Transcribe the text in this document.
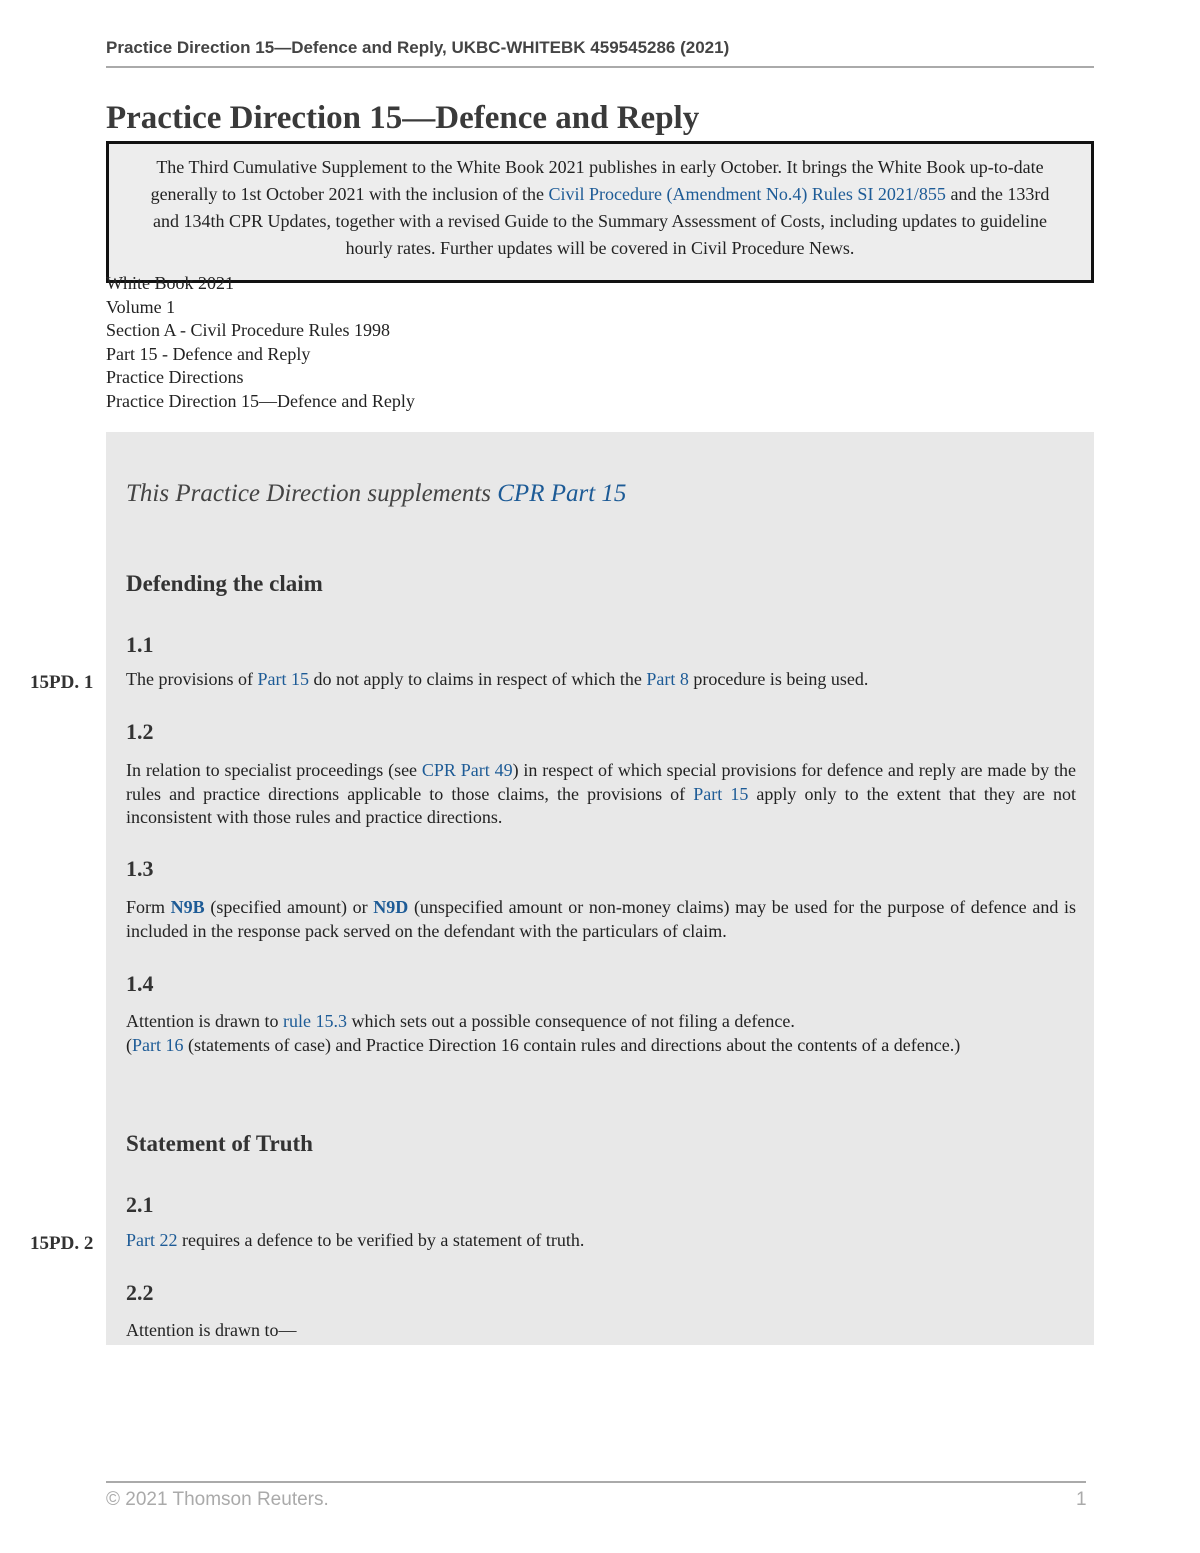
Practice Direction 15—Defence and Reply, UKBC-WHITEBK 459545286 (2021)
Practice Direction 15—Defence and Reply

The Third Cumulative Supplement to the White Book 2021 publishes in early October. It brings the White Book up-to-date generally to 1st October 2021 with the inclusion of the Civil Procedure (Amendment No.4) Rules SI 2021/855 and the 133rd and 134th CPR Updates, together with a revised Guide to the Summary Assessment of Costs, including updates to guideline hourly rates. Further updates will be covered in Civil Procedure News.

White Book 2021
Volume 1
Section A - Civil Procedure Rules 1998
Part 15 - Defence and Reply
Practice Directions
Practice Direction 15—Defence and Reply

This Practice Direction supplements CPR Part 15

Defending the claim
1.1
15PD. 1	The provisions of Part 15 do not apply to claims in respect of which the Part 8 procedure is being used.

1.2

In relation to specialist proceedings (see CPR Part 49) in respect of which special provisions for defence and reply are made by the rules and practice directions applicable to those claims, the provisions of Part 15 apply only to the extent that they are not inconsistent with those rules and practice directions.

1.3

Form N9B (specified amount) or N9D (unspecified amount or non-money claims) may be used for the purpose of defence and is included in the response pack served on the defendant with the particulars of claim.

1.4

Attention is drawn to rule 15.3 which sets out a possible consequence of not filing a defence.
(Part 16 (statements of case) and Practice Direction 16 contain rules and directions about the contents of a defence.)

Statement of Truth
2.1
15PD. 2	Part 22 requires a defence to be verified by a statement of truth.

2.2

Attention is drawn to—

© 2021 Thomson Reuters.	1
